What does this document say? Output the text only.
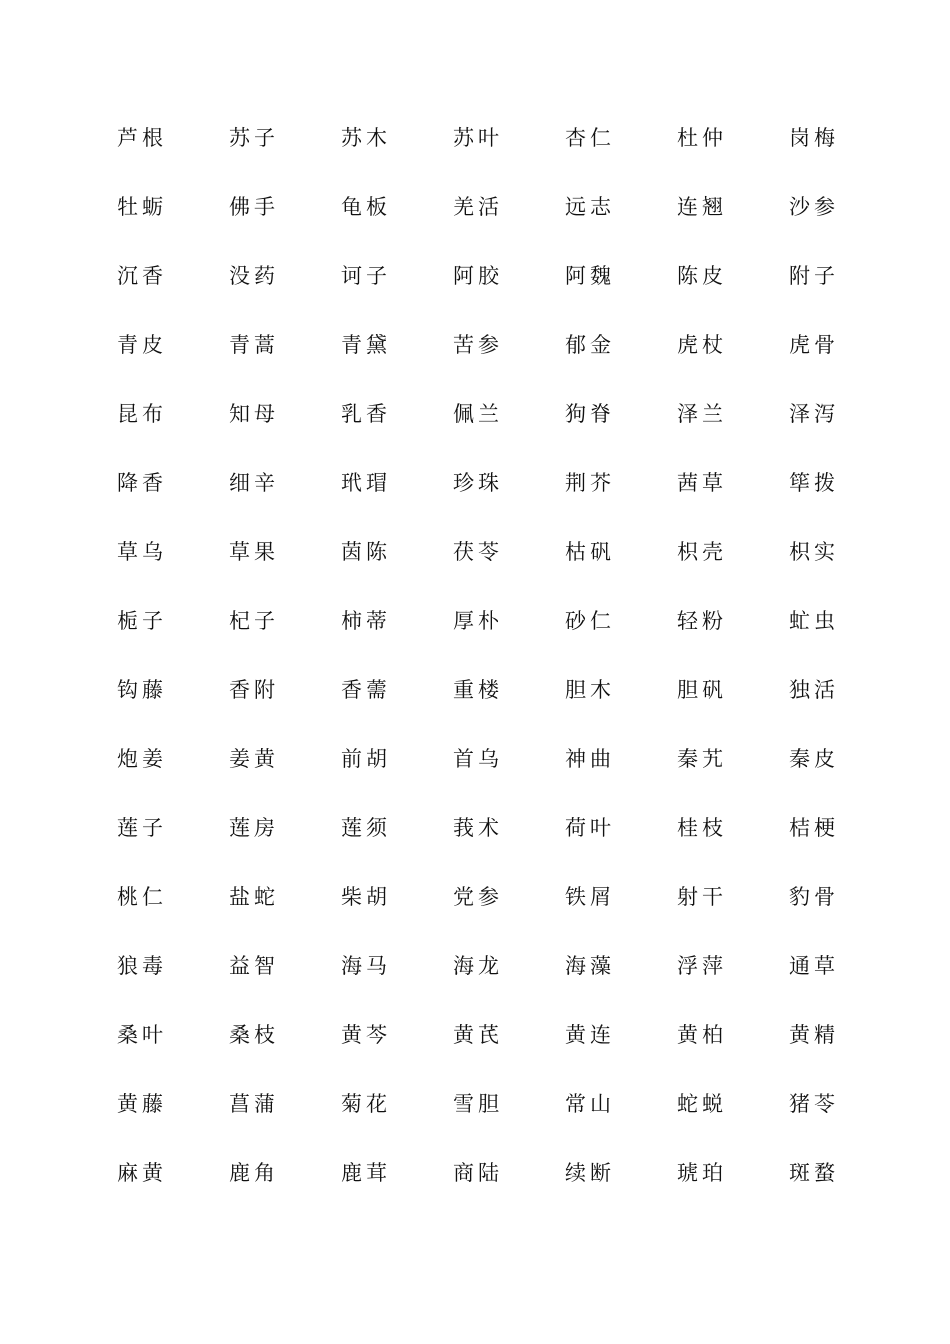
芦根	苏子	苏木	苏叶	杏仁	杜仲	岗梅
牡蛎	佛手	龟板	羌活	远志	连翘	沙参
沉香	没药	诃子	阿胶	阿魏	陈皮	附子
青皮	青蒿	青黛	苦参	郁金	虎杖	虎骨
昆布	知母	乳香	佩兰	狗脊	泽兰	泽泻
降香	细辛	玳瑁	珍珠	荆芥	茜草	筚拨
草乌	草果	茵陈	茯苓	枯矾	枳壳	枳实
栀子	杞子	柿蒂	厚朴	砂仁	轻粉	虻虫
钩藤	香附	香薷	重楼	胆木	胆矾	独活
炮姜	姜黄	前胡	首乌	神曲	秦艽	秦皮
莲子	莲房	莲须	莪术	荷叶	桂枝	桔梗
桃仁	盐蛇	柴胡	党参	铁屑	射干	豹骨
狼毒	益智	海马	海龙	海藻	浮萍	通草
桑叶	桑枝	黄芩	黄芪	黄连	黄柏	黄精
黄藤	菖蒲	菊花	雪胆	常山	蛇蜕	猪苓
麻黄	鹿角	鹿茸	商陆	续断	琥珀	斑蝥
